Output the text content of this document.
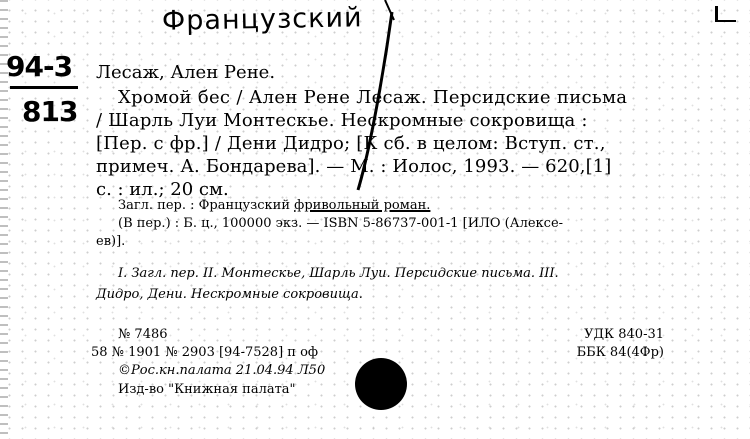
Французский
94-3
813
Лесаж, Ален Рене.
Хромой бес / Ален Рене Лесаж. Персидские письма
/ Шарль Луи Монтескье. Нескромные сокровища :
[Пер. с фр.] / Дени Дидро; [К сб. в целом: Вступ. ст.,
примеч. А. Бондарева]. — М. : Иолос, 1993. — 620,[1]
с. : ил.; 20 см.
Загл. пер. : Французский фривольный роман.
(В пер.) : Б. ц., 100000 экз. — ISBN 5-86737-001-1 [ИЛО (Алексе-
ев)].
I. Загл. пер. II. Монтескье, Шарль Луи. Персидские письма. III.
Дидро, Дени. Нескромные сокровища.
№ 7486
58 № 1901 № 2903 [94-7528] п оф
©Рос.кн.палата 21.04.94 Л50
Изд-во "Книжная палата"
УДК 840-31
ББК 84(4Фр)
